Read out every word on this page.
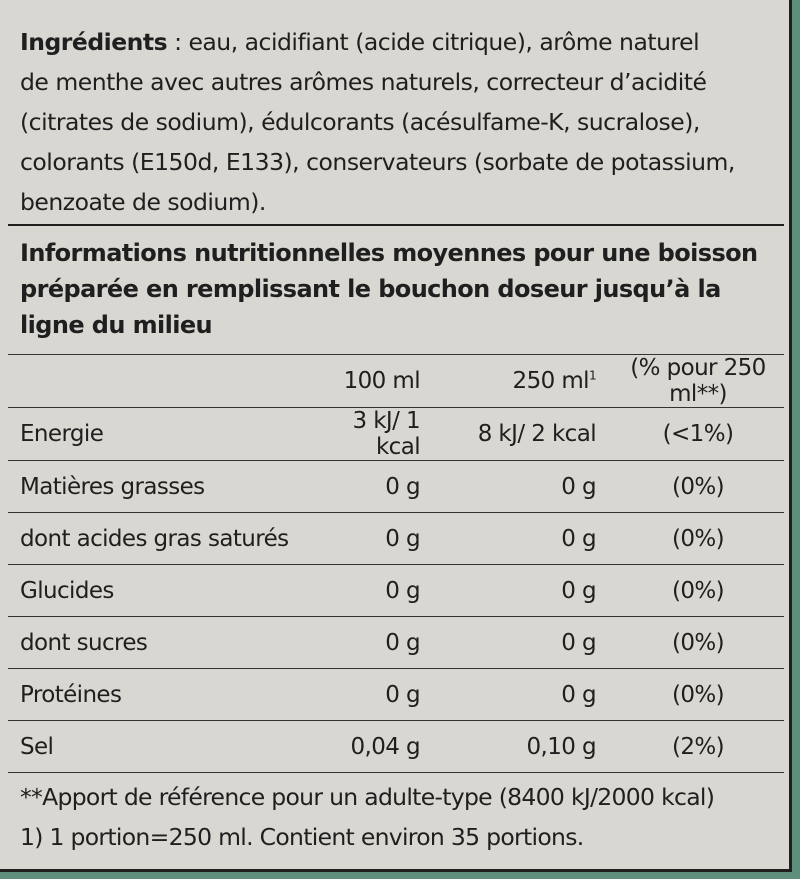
Ingrédients : eau, acidifiant (acide citrique), arôme naturel
de menthe avec autres arômes naturels, correcteur d’acidité
(citrates de sodium), édulcorants (acésulfame-K, sucralose),
colorants (E150d, E133), conservateurs (sorbate de potassium,
benzoate de sodium).
Informations nutritionnelles moyennes pour une boisson
préparée en remplissant le bouchon doseur jusqu’à la
ligne du milieu
	100 ml	250 $ml^1$	(% pour 250 ml**)
Energie	3 kJ/ 1 kcal	8 kJ/ 2 kcal	(<1%)
Matières grasses	0 g	0 g	(0%)
dont acides gras saturés	0 g	0 g	(0%)
Glucides	0 g	0 g	(0%)
dont sucres	0 g	0 g	(0%)
Protéines	0 g	0 g	(0%)
Sel	0,04 g	0,10 g	(2%)
**Apport de référence pour un adulte-type (8400 kJ/2000 kcal)
1) 1 portion=250 ml. Contient environ 35 portions.
